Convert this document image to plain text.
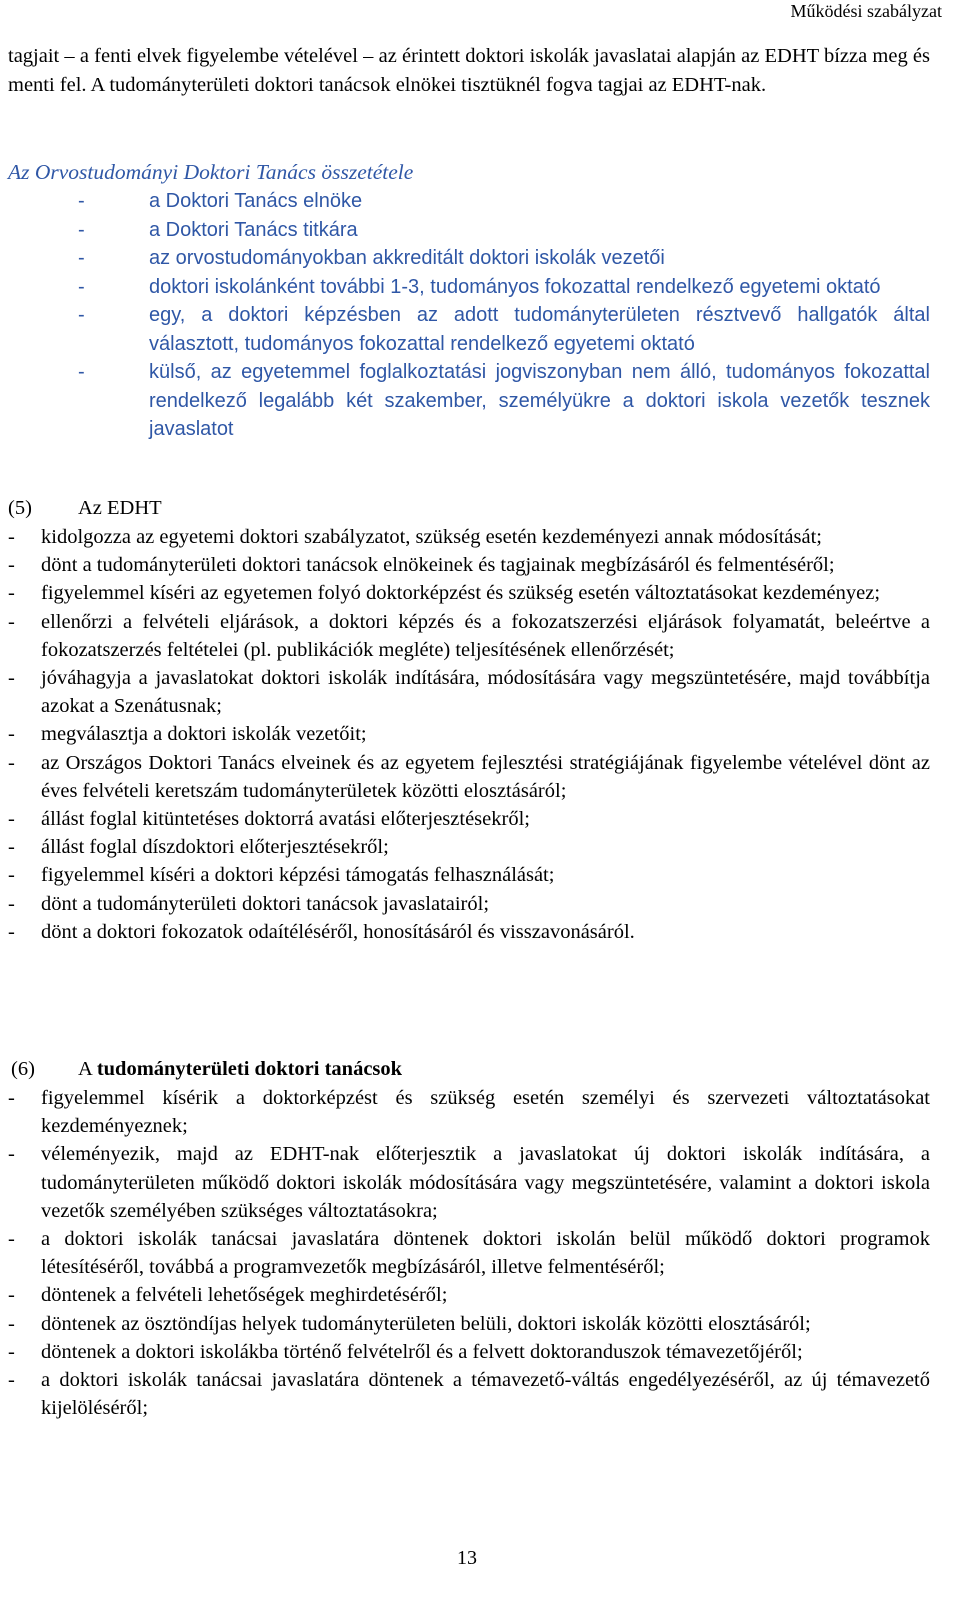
Működési szabályzat

tagjait – a fenti elvek figyelembe vételével – az érintett doktori iskolák javaslatai alapján az EDHT bízza meg és menti fel. A tudományterületi doktori tanácsok elnökei tisztüknél fogva tagjai az EDHT-nak.

Az Orvostudományi Doktori Tanács összetétele

-	a Doktori Tanács elnöke
-	a Doktori Tanács titkára
-	az orvostudományokban akkreditált doktori iskolák vezetői
-	doktori iskolánként további 1-3, tudományos fokozattal rendelkező egyetemi oktató
-	egy, a doktori képzésben az adott tudományterületen résztvevő hallgatók által választott, tudományos fokozattal rendelkező egyetemi oktató
-	külső, az egyetemmel foglalkoztatási jogviszonyban nem álló, tudományos fokozattal rendelkező legalább két szakember, személyükre a doktori iskola vezetők tesznek javaslatot

(5) Az EDHT

- kidolgozza az egyetemi doktori szabályzatot, szükség esetén kezdeményezi annak módosítását;
- dönt a tudományterületi doktori tanácsok elnökeinek és tagjainak megbízásáról és felmentéséről;
- figyelemmel kíséri az egyetemen folyó doktorképzést és szükség esetén változtatásokat kezdeményez;
- ellenőrzi a felvételi eljárások, a doktori képzés és a fokozatszerzési eljárások folyamatát, beleértve a fokozatszerzés feltételei (pl. publikációk megléte) teljesítésének ellenőrzését;
- jóváhagyja a javaslatokat doktori iskolák indítására, módosítására vagy megszüntetésére, majd továbbítja azokat a Szenátusnak;
- megválasztja a doktori iskolák vezetőit;
- az Országos Doktori Tanács elveinek és az egyetem fejlesztési stratégiájának figyelembe vételével dönt az éves felvételi keretszám tudományterületek közötti elosztásáról;
- állást foglal kitüntetéses doktorrá avatási előterjesztésekről;
- állást foglal díszdoktori előterjesztésekről;
- figyelemmel kíséri a doktori képzési támogatás felhasználását;
- dönt a tudományterületi doktori tanácsok javaslatairól;
- dönt a doktori fokozatok odaítéléséről, honosításáról és visszavonásáról.

(6) A tudományterületi doktori tanácsok

- figyelemmel kísérik a doktorképzést és szükség esetén személyi és szervezeti változtatásokat kezdeményeznek;
- véleményezik, majd az EDHT-nak előterjesztik a javaslatokat új doktori iskolák indítására, a tudományterületen működő doktori iskolák módosítására vagy megszüntetésére, valamint a doktori iskola vezetők személyében szükséges változtatásokra;
- a doktori iskolák tanácsai javaslatára döntenek doktori iskolán belül működő doktori programok létesítéséről, továbbá a programvezetők megbízásáról, illetve felmentéséről;
- döntenek a felvételi lehetőségek meghirdetéséről;
- döntenek az ösztöndíjas helyek tudományterületen belüli, doktori iskolák közötti elosztásáról;
- döntenek a doktori iskolákba történő felvételről és a felvett doktoranduszok témavezetőjéről;
- a doktori iskolák tanácsai javaslatára döntenek a témavezető-váltás engedélyezéséről, az új témavezető kijelöléséről;
13
